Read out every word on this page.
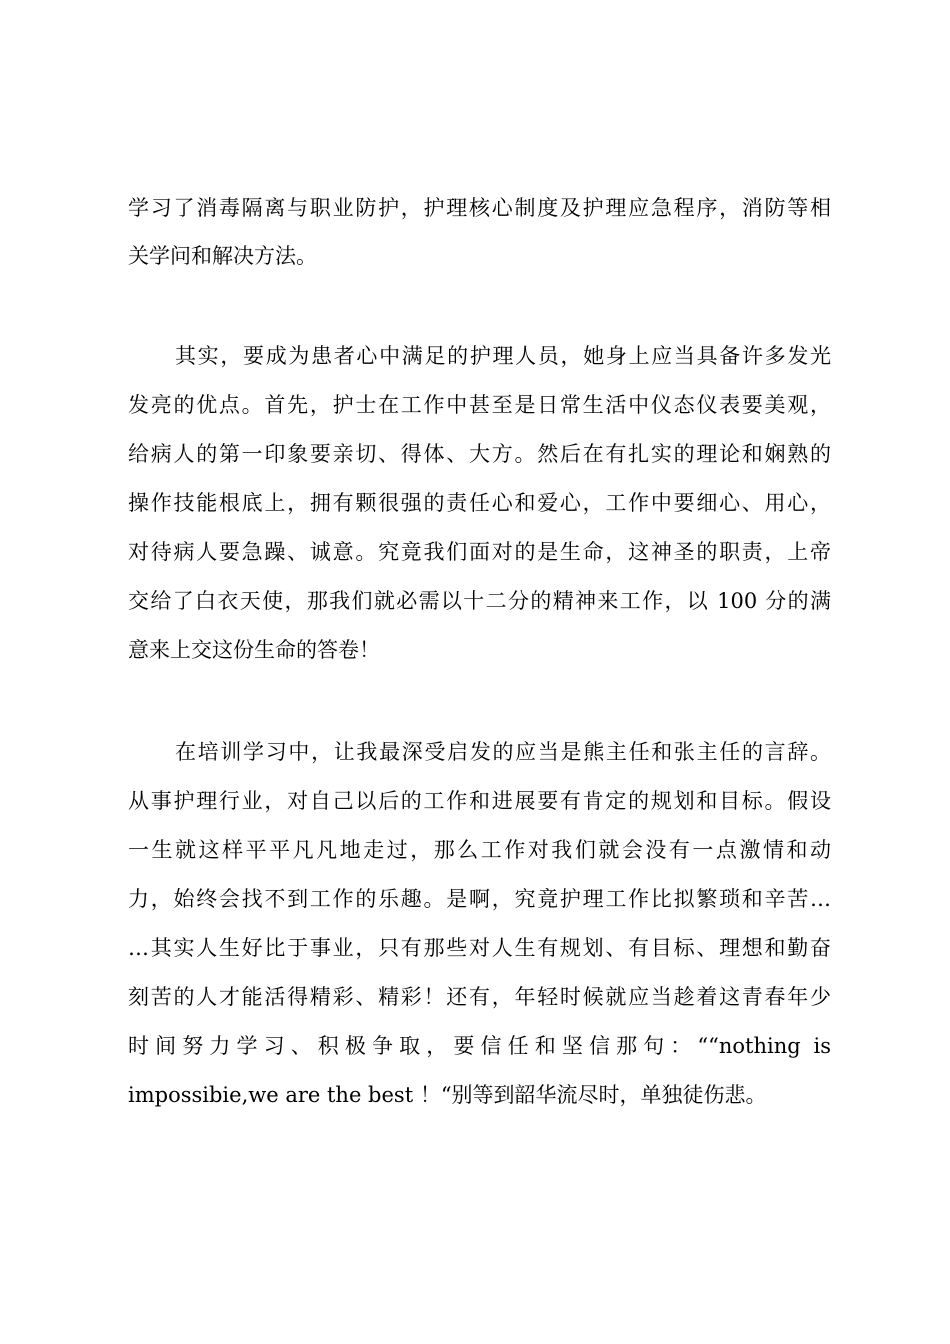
学习了消毒隔离与职业防护，护理核心制度及护理应急程序，消防等相
关学问和解决方法。
其实，要成为患者心中满足的护理人员，她身上应当具备许多发光
发亮的优点。首先，护士在工作中甚至是日常生活中仪态仪表要美观，
给病人的第一印象要亲切、得体、大方。然后在有扎实的理论和娴熟的
操作技能根底上，拥有颗很强的责任心和爱心，工作中要细心、用心，
对待病人要急躁、诚意。究竟我们面对的是生命，这神圣的职责，上帝
交给了白衣天使，那我们就必需以十二分的精神来工作，以 100 分的满
意来上交这份生命的答卷！
在培训学习中，让我最深受启发的应当是熊主任和张主任的言辞。
从事护理行业，对自己以后的工作和进展要有肯定的规划和目标。假设
一生就这样平平凡凡地走过，那么工作对我们就会没有一点激情和动
力，始终会找不到工作的乐趣。是啊，究竟护理工作比拟繁琐和辛苦…
…其实人生好比于事业，只有那些对人生有规划、有目标、理想和勤奋
刻苦的人才能活得精彩、精彩！还有，年轻时候就应当趁着这青春年少
时间努力学习、积极争取，要信任和坚信那句：““nothing is
impossibie,we are the best ！“别等到韶华流尽时，单独徒伤悲。
